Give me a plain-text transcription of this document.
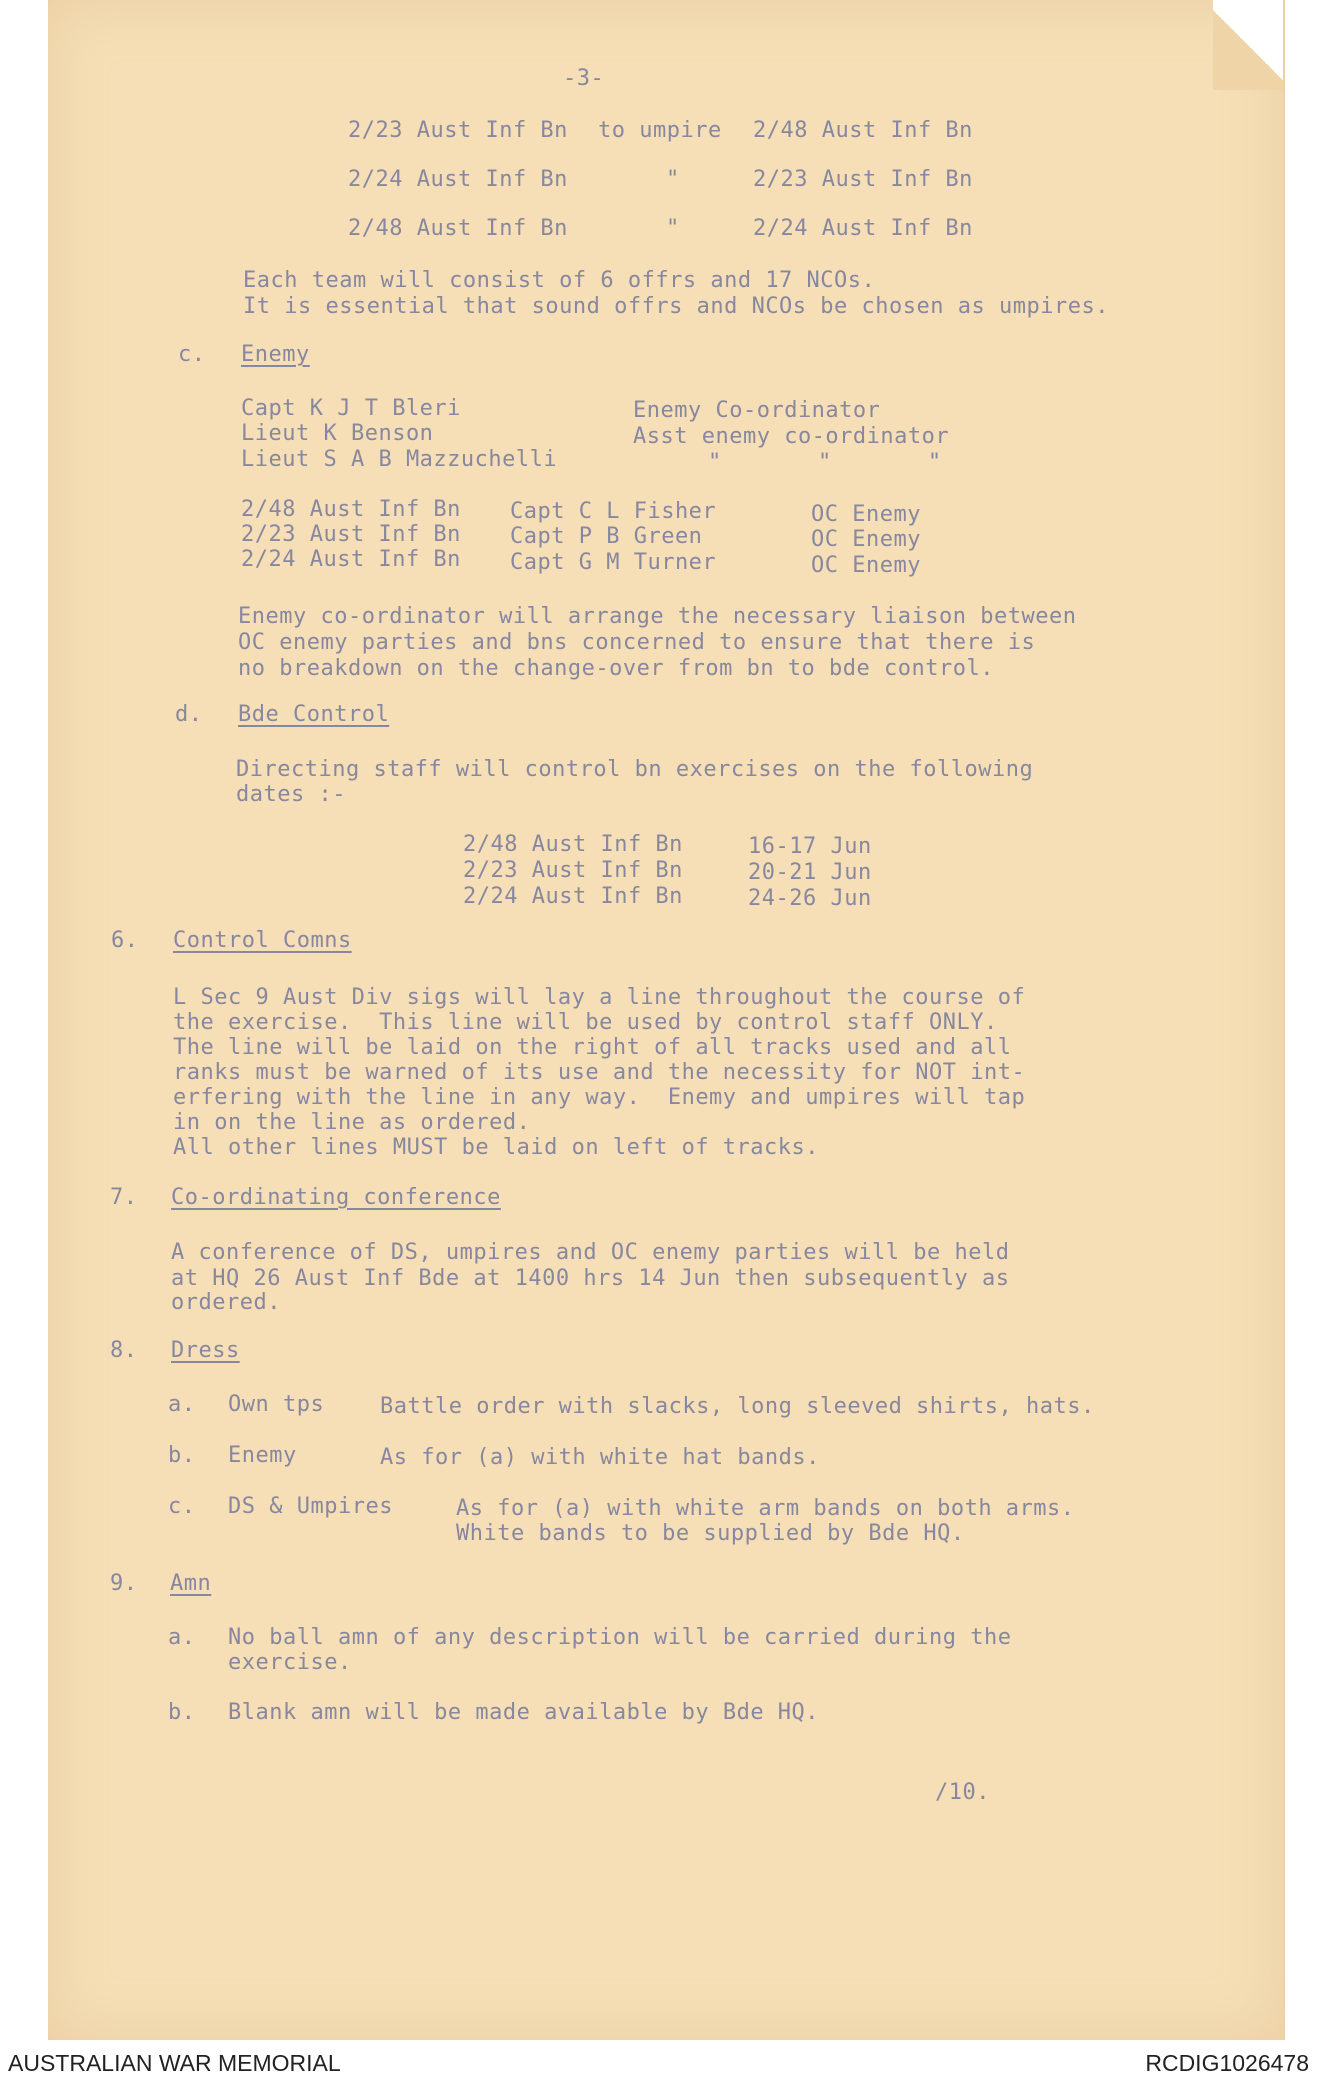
-3-
2/23 Aust Inf Bn to umpire 2/48 Aust Inf Bn
2/24 Aust Inf Bn	"	2/23 Aust Inf Bn
2/48 Aust Inf Bn	"	2/24 Aust Inf Bn
Each team will consist of 6 offrs and 17 NCOs.
It is essential that sound offrs and NCOs be chosen as umpires.
c. Enemy
Capt K J T Bleri	Enemy Co-ordinator
Lieut K Benson	Asst enemy co-ordinator
Lieut S A B Mazzuchelli	"       "       "
2/48 Aust Inf Bn Capt C L Fisher	OC Enemy
2/23 Aust Inf Bn Capt P B Green	OC Enemy
2/24 Aust Inf Bn Capt G M Turner	OC Enemy
Enemy co-ordinator will arrange the necessary liaison between
OC enemy parties and bns concerned to ensure that there is
no breakdown on the change-over from bn to bde control.
d. Bde Control
Directing staff will control bn exercises on the following
dates :-
2/48 Aust Inf Bn	16-17 Jun
2/23 Aust Inf Bn	20-21 Jun
2/24 Aust Inf Bn	24-26 Jun
6. Control Comns
L Sec 9 Aust Div sigs will lay a line throughout the course of
the exercise.  This line will be used by control staff ONLY.
The line will be laid on the right of all tracks used and all
ranks must be warned of its use and the necessity for NOT int-
erfering with the line in any way.  Enemy and umpires will tap
in on the line as ordered.
All other lines MUST be laid on left of tracks.
7. Co-ordinating conference
A conference of DS, umpires and OC enemy parties will be held
at HQ 26 Aust Inf Bde at 1400 hrs 14 Jun then subsequently as
ordered.
8. Dress
a. Own tps	Battle order with slacks, long sleeved shirts, hats.
b. Enemy	As for (a) with white hat bands.
c. DS & Umpires	As for (a) with white arm bands on both arms.
White bands to be supplied by Bde HQ.
9. Amn
a. No ball amn of any description will be carried during the
exercise.
b. Blank amn will be made available by Bde HQ.
/10.
AUSTRALIAN WAR MEMORIAL	RCDIG1026478
